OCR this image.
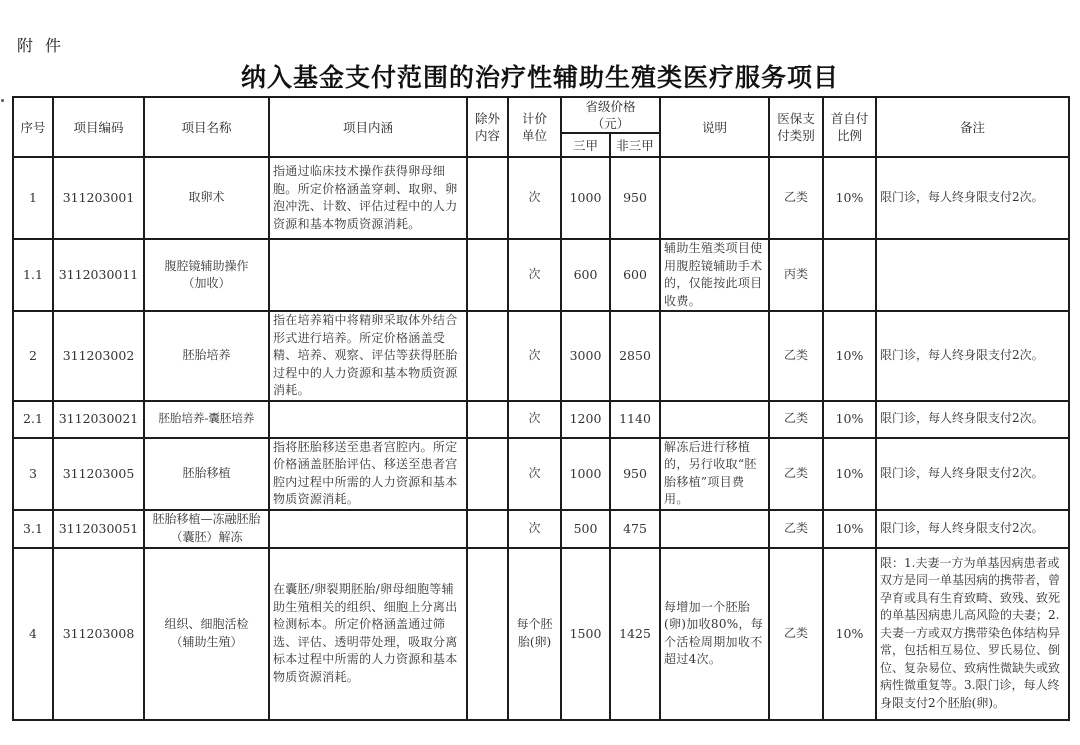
附件
纳入基金支付范围的治疗性辅助生殖类医疗服务项目
序号	项目编码	项目名称	项目内涵	除外内容	计价单位	省级价格（元）		说明	医保支付类别	首自付比例	备注
						三甲	非三甲				
1	311203001	取卵术	指通过临床技术操作获得卵母细胞。所定价格涵盖穿刺、取卵、卵泡冲洗、计数、评估过程中的人力资源和基本物质资源消耗。		次	1000	950		乙类	10%	限门诊，每人终身限支付2次。
1.1	3112030011	腹腔镜辅助操作（加收）			次	600	600	辅助生殖类项目使用腹腔镜辅助手术的，仅能按此项目收费。	丙类		
2	311203002	胚胎培养	指在培养箱中将精卵采取体外结合形式进行培养。所定价格涵盖受精、培养、观察、评估等获得胚胎过程中的人力资源和基本物质资源消耗。		次	3000	2850		乙类	10%	限门诊，每人终身限支付2次。
2.1	3112030021	胚胎培养-囊胚培养			次	1200	1140		乙类	10%	限门诊，每人终身限支付2次。
3	311203005	胚胎移植	指将胚胎移送至患者宫腔内。所定价格涵盖胚胎评估、移送至患者宫腔内过程中所需的人力资源和基本物质资源消耗。		次	1000	950	解冻后进行移植的，另行收取“胚胎移植”项目费用。	乙类	10%	限门诊，每人终身限支付2次。
3.1	3112030051	胚胎移植—冻融胚胎（囊胚）解冻			次	500	475		乙类	10%	限门诊，每人终身限支付2次。
4	311203008	组织、细胞活检（辅助生殖）	在囊胚/卵裂期胚胎/卵母细胞等辅助生殖相关的组织、细胞上分离出检测标本。所定价格涵盖通过筛选、评估、透明带处理，吸取分离标本过程中所需的人力资源和基本物质资源消耗。		每个胚胎(卵)	1500	1425	每增加一个胚胎(卵)加收80%，每个活检周期加收不超过4次。	乙类	10%	限：1.夫妻一方为单基因病患者或双方是同一单基因病的携带者，曾孕育或具有生育致畸、致残、致死的单基因病患儿高风险的夫妻；2.夫妻一方或双方携带染色体结构异常，包括相互易位、罗氏易位、倒位、复杂易位、致病性微缺失或致病性微重复等。3.限门诊，每人终身限支付2个胚胎(卵)。
